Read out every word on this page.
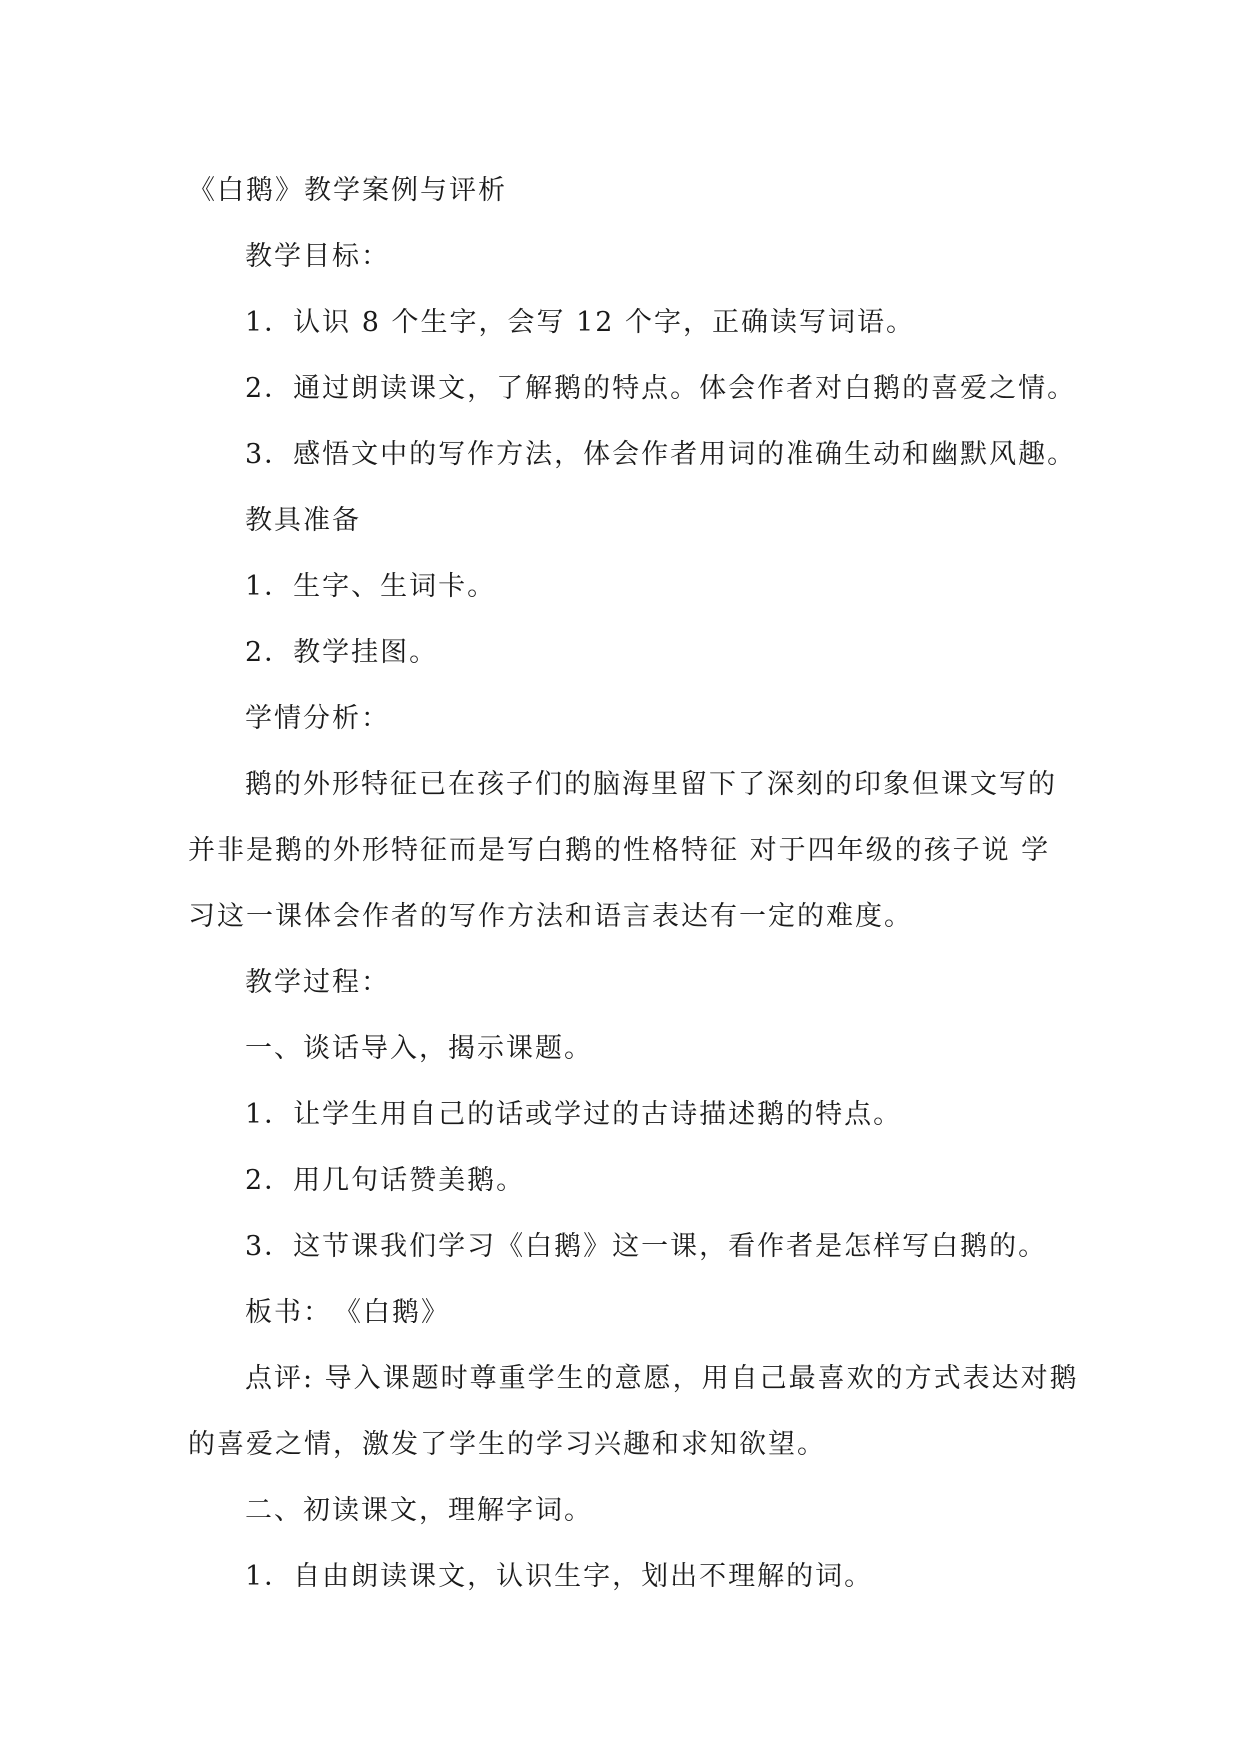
《白鹅》教学案例与评析
教学目标：
1．认识 8 个生字，会写 12 个字，正确读写词语。
2．通过朗读课文，了解鹅的特点。体会作者对白鹅的喜爱之情。
3．感悟文中的写作方法，体会作者用词的准确生动和幽默风趣。
教具准备
1．生字、生词卡。
2．教学挂图。
学情分析：
鹅的外形特征已在孩子们的脑海里留下了深刻的印象但课文写的
并非是鹅的外形特征而是写白鹅的性格特征 对于四年级的孩子说 学
习这一课体会作者的写作方法和语言表达有一定的难度。
教学过程：
一、谈话导入，揭示课题。
1．让学生用自己的话或学过的古诗描述鹅的特点。
2．用几句话赞美鹅。
3．这节课我们学习《白鹅》这一课，看作者是怎样写白鹅的。
板书：　《白鹅》
点评: 导入课题时尊重学生的意愿，用自己最喜欢的方式表达对鹅
的喜爱之情，激发了学生的学习兴趣和求知欲望。
二、初读课文，理解字词。
1．自由朗读课文，认识生字，划出不理解的词。
